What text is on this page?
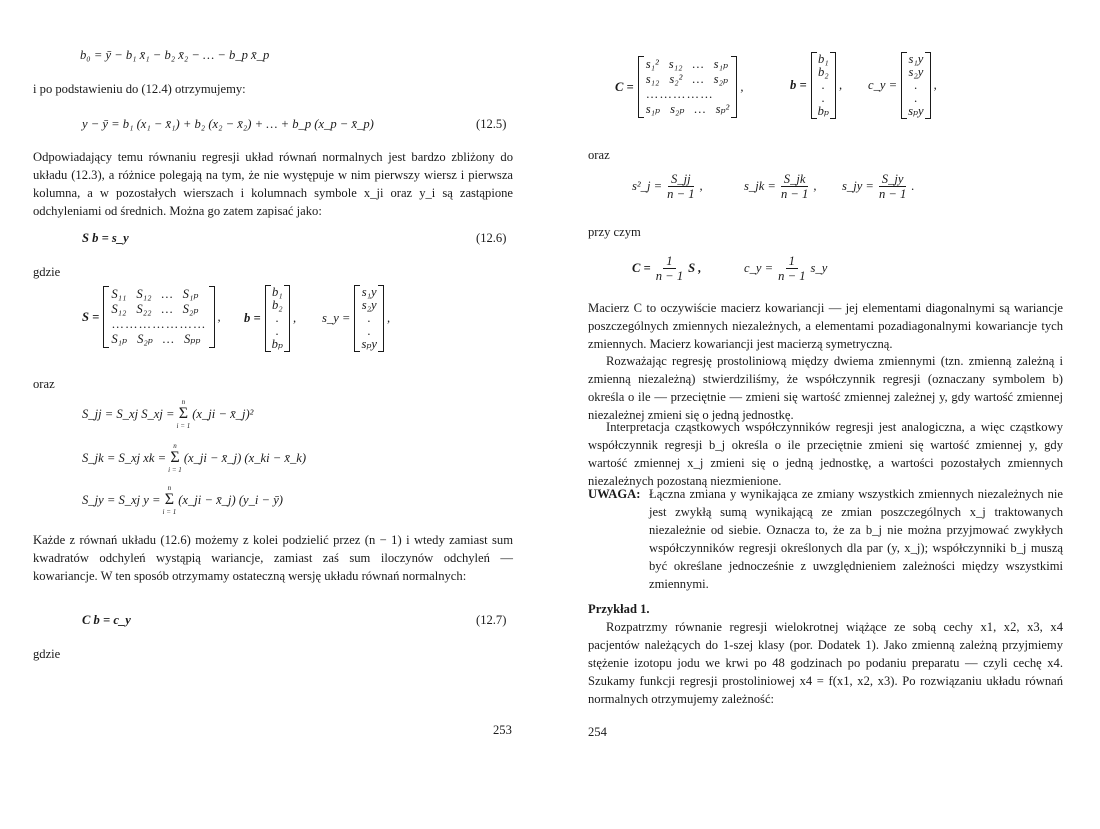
b₀ = ȳ − b₁ x̄₁ − b₂ x̄₂ − … − b_p x̄_p

i po podstawieniu do (12.4) otrzymujemy:

y − ȳ = b₁ (x₁ − x̄₁) + b₂ (x₂ − x̄₂) + … + b_p (x_p − x̄_p)	(12.5)

Odpowiadający temu równaniu regresji układ równań normalnych jest bardzo zbliżony do układu (12.3), a różnice polegają na tym, że nie występuje w nim pierwszy wiersz i pierwsza kolumna, a w pozostałych wierszach i kolumnach symbole x_ji oraz y_i są zastąpione odchyleniami od średnich. Można go zatem zapisać jako:

S b = s_y	(12.6)
gdzie
S =
S₁₁ S₁₂ … S₁ₚ
S₁₂ S₂₂ … S₂ₚ
…………………
S₁ₚ S₂ₚ … Sₚₚ
, b =
b₁
b₂
.
.
bₚ
, s_y =
s₁y
s₂y
.
.
sₚy
,
oraz
S_jj = S_xj S_xj =
n
Σ
i = 1
(x_ji − x̄_j)²
S_jk = S_xj xk =
n
Σ
i = 1
(x_ji − x̄_j) (x_ki − x̄_k)
S_jy = S_xj y =
n
Σ
i = 1
(x_ji − x̄_j) (y_i − ȳ)

Każde z równań układu (12.6) możemy z kolei podzielić przez (n − 1) i wtedy zamiast sum kwadratów odchyleń wystąpią wariancje, zamiast zaś sum iloczynów odchyleń — kowariancje. W ten sposób otrzymamy ostateczną wersję układu równań normalnych:

C b = c_y	(12.7)
gdzie
253
C =
s₁² s₁₂ … s₁ₚ
s₁₂ s₂² … s₂ₚ
……………
s₁ₚ s₂ₚ … sₚ²
,	b =
b₁
b₂
.
.
bₚ
, c_y =
s₁y
s₂y
.
.
sₚy
,
oraz
s²_j = $\frac{S\_jj}{n - 1}$ ,	s_jk = $\frac{S\_jk}{n - 1}$ , s_jy = $\frac{S\_jy}{n - 1}$ .
przy czym
$C = \frac{1}{n - 1}$ S ,	c_y = $\frac{1}{n - 1}$ s_y

Macierz C to oczywiście macierz kowariancji — jej elementami diagonalnymi są wariancje poszczególnych zmiennych niezależnych, a elementami pozadiagonalnymi kowariancje tych zmiennych. Macierz kowariancji jest macierzą symetryczną.

Rozważając regresję prostoliniową między dwiema zmiennymi (tzn. zmienną zależną i zmienną niezależną) stwierdziliśmy, że współczynnik regresji (oznaczany symbolem b) określa o ile — przeciętnie — zmieni się wartość zmiennej zależnej y, gdy wartość zmiennej niezależnej zmieni się o jedną jednostkę.

Interpretacja cząstkowych współczynników regresji jest analogiczna, a więc cząstkowy współczynnik regresji b_j określa o ile przeciętnie zmieni się wartość zmiennej y, gdy wartość zmiennej x_j zmieni się o jedną jednostkę, a wartości pozostałych zmiennych niezależnych pozostaną niezmienione.

UWAGA: Łączna zmiana y wynikająca ze zmiany wszystkich zmiennych niezależnych nie jest zwykłą sumą wynikającą ze zmian poszczególnych x_j traktowanych niezależnie od siebie. Oznacza to, że za b_j nie można przyjmować zwykłych współczynników regresji określonych dla par (y, x_j); współczynniki b_j muszą być określane jednocześnie z uwzględnieniem zależności między wszystkimi zmiennymi.
Przykład 1.

Rozpatrzmy równanie regresji wielokrotnej wiążące ze sobą cechy x1, x2, x3, x4 pacjentów należących do 1-szej klasy (por. Dodatek 1). Jako zmienną zależną przyjmiemy stężenie izotopu jodu we krwi po 48 godzinach po podaniu preparatu — czyli cechę x4. Szukamy funkcji regresji prostoliniowej x4 = f(x1, x2, x3). Po rozwiązaniu układu równań normalnych otrzymujemy zależność:

254
